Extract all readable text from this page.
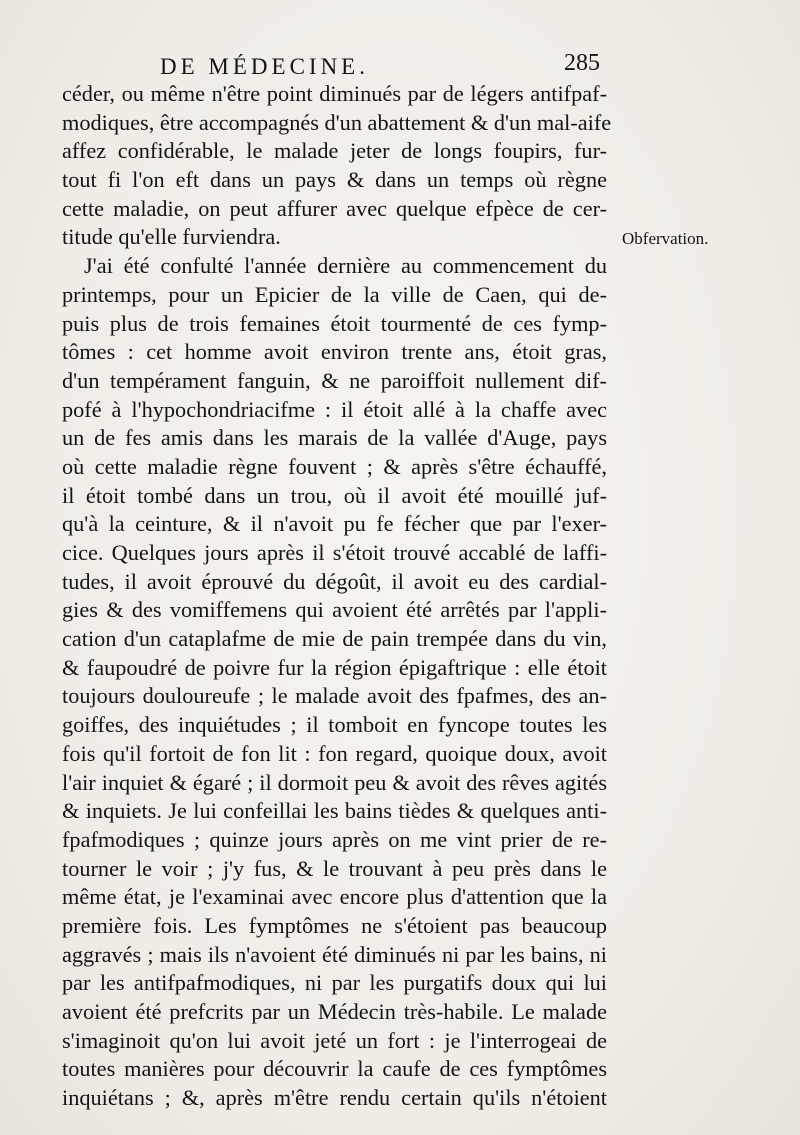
DE MÉDECINE.	285
Obfervation.
céder, ou même n'être point diminués par de légers antifpaf-
modiques, être accompagnés d'un abattement & d'un mal-aife
affez confidérable, le malade jeter de longs foupirs, fur-
tout fi l'on eft dans un pays & dans un temps où règne
cette maladie, on peut affurer avec quelque efpèce de cer-
titude qu'elle furviendra.
J'ai été confulté l'année dernière au commencement du
printemps, pour un Epicier de la ville de Caen, qui de-
puis plus de trois femaines étoit tourmenté de ces fymp-
tômes : cet homme avoit environ trente ans, étoit gras,
d'un tempérament fanguin, & ne paroiffoit nullement dif-
pofé à l'hypochondriacifme : il étoit allé à la chaffe avec
un de fes amis dans les marais de la vallée d'Auge, pays
où cette maladie règne fouvent ; & après s'être échauffé,
il étoit tombé dans un trou, où il avoit été mouillé juf-
qu'à la ceinture, & il n'avoit pu fe fécher que par l'exer-
cice. Quelques jours après il s'étoit trouvé accablé de laffi-
tudes, il avoit éprouvé du dégoût, il avoit eu des cardial-
gies & des vomiffemens qui avoient été arrêtés par l'appli-
cation d'un cataplafme de mie de pain trempée dans du vin,
& faupoudré de poivre fur la région épigaftrique : elle étoit
toujours douloureufe ; le malade avoit des fpafmes, des an-
goiffes, des inquiétudes ; il tomboit en fyncope toutes les
fois qu'il fortoit de fon lit : fon regard, quoique doux, avoit
l'air inquiet & égaré ; il dormoit peu & avoit des rêves agités
& inquiets. Je lui confeillai les bains tièdes & quelques anti-
fpafmodiques ; quinze jours après on me vint prier de re-
tourner le voir ; j'y fus, & le trouvant à peu près dans le
même état, je l'examinai avec encore plus d'attention que la
première fois. Les fymptômes ne s'étoient pas beaucoup
aggravés ; mais ils n'avoient été diminués ni par les bains, ni
par les antifpafmodiques, ni par les purgatifs doux qui lui
avoient été prefcrits par un Médecin très-habile. Le malade
s'imaginoit qu'on lui avoit jeté un fort : je l'interrogeai de
toutes manières pour découvrir la caufe de ces fymptômes
inquiétans ; &, après m'être rendu certain qu'ils n'étoient
